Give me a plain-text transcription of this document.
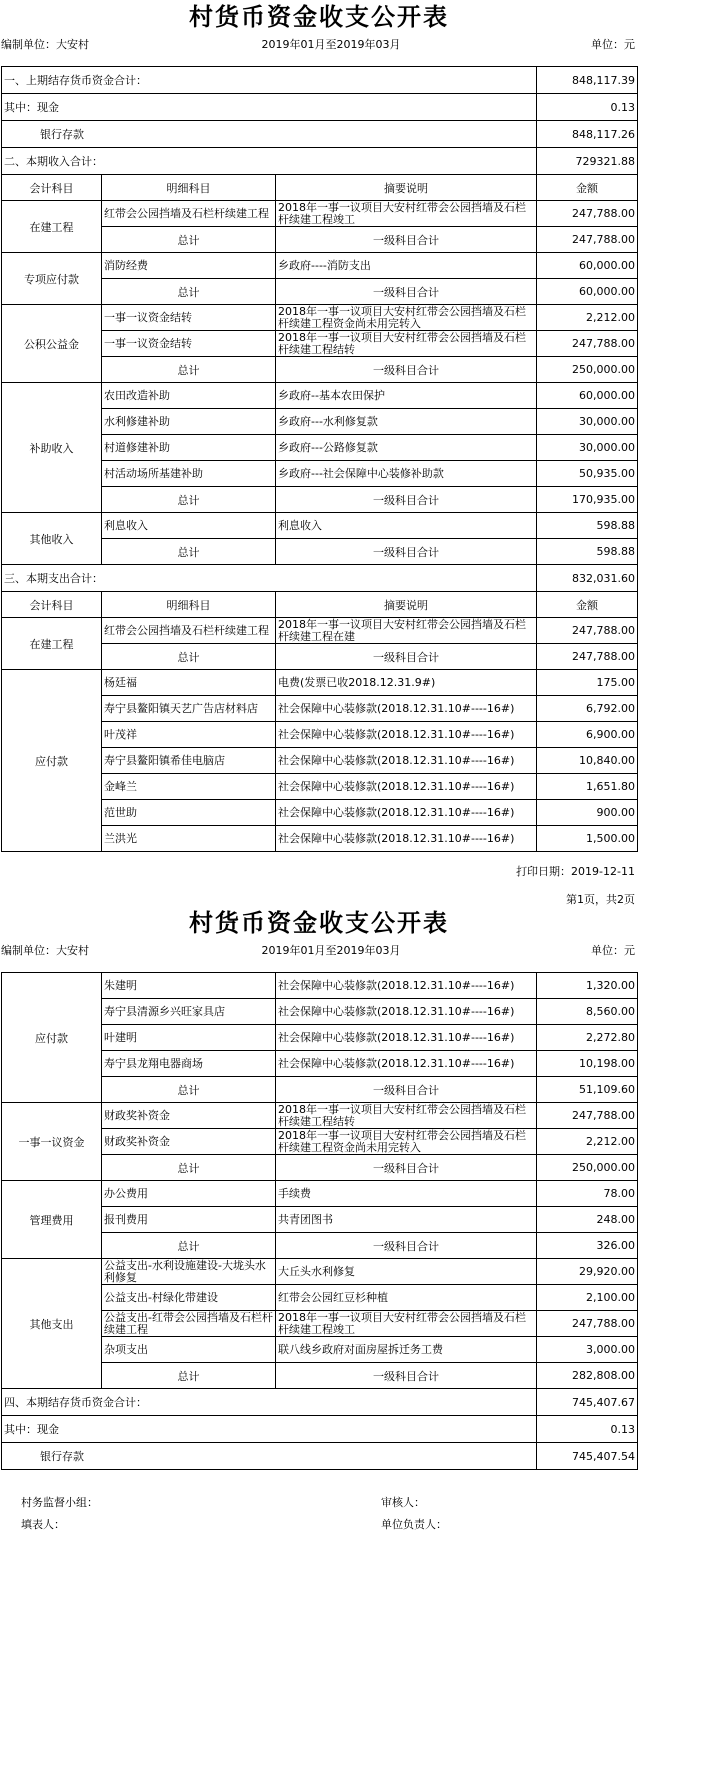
村货币资金收支公开表
编制单位：大安村	2019年01月至2019年03月	单位：元

一、上期结存货币资金合计：			848,117.39
其中：现金			0.13
银行存款			848,117.26
二、本期收入合计：			729321.88
会计科目	明细科目	摘要说明	金额
在建工程	红带会公园挡墙及石栏杆续建工程	2018年一事一议项目大安村红带会公园挡墙及石栏杆续建工程竣工	247,788.00
	总计	一级科目合计	247,788.00
专项应付款	消防经费	乡政府----消防支出	60,000.00
	总计	一级科目合计	60,000.00
公积公益金	一事一议资金结转	2018年一事一议项目大安村红带会公园挡墙及石栏杆续建工程资金尚未用完转入	2,212.00
	一事一议资金结转	2018年一事一议项目大安村红带会公园挡墙及石栏杆续建工程结转	247,788.00
	总计	一级科目合计	250,000.00
补助收入	农田改造补助	乡政府--基本农田保护	60,000.00
	水利修建补助	乡政府---水利修复款	30,000.00
	村道修建补助	乡政府---公路修复款	30,000.00
	村活动场所基建补助	乡政府---社会保障中心装修补助款	50,935.00
	总计	一级科目合计	170,935.00
其他收入	利息收入	利息收入	598.88
	总计	一级科目合计	598.88
三、本期支出合计：			832,031.60
会计科目	明细科目	摘要说明	金额
在建工程	红带会公园挡墙及石栏杆续建工程	2018年一事一议项目大安村红带会公园挡墙及石栏杆续建工程在建	247,788.00
	总计	一级科目合计	247,788.00
应付款	杨廷福	电费(发票已收2018.12.31.9#)	175.00
	寿宁县鳌阳镇天艺广告店材料店	社会保障中心装修款(2018.12.31.10#----16#)	6,792.00
	叶茂祥	社会保障中心装修款(2018.12.31.10#----16#)	6,900.00
	寿宁县鳌阳镇希佳电脑店	社会保障中心装修款(2018.12.31.10#----16#)	10,840.00
	金峰兰	社会保障中心装修款(2018.12.31.10#----16#)	1,651.80
	范世助	社会保障中心装修款(2018.12.31.10#----16#)	900.00
	兰洪光	社会保障中心装修款(2018.12.31.10#----16#)	1,500.00
打印日期：2019-12-11
第1页，共2页
村货币资金收支公开表
编制单位：大安村	2019年01月至2019年03月	单位：元

应付款	朱建明	社会保障中心装修款(2018.12.31.10#----16#)	1,320.00
	寿宁县清源乡兴旺家具店	社会保障中心装修款(2018.12.31.10#----16#)	8,560.00
	叶建明	社会保障中心装修款(2018.12.31.10#----16#)	2,272.80
	寿宁县龙翔电器商场	社会保障中心装修款(2018.12.31.10#----16#)	10,198.00
	总计	一级科目合计	51,109.60
一事一议资金	财政奖补资金	2018年一事一议项目大安村红带会公园挡墙及石栏杆续建工程结转	247,788.00
	财政奖补资金	2018年一事一议项目大安村红带会公园挡墙及石栏杆续建工程资金尚未用完转入	2,212.00
	总计	一级科目合计	250,000.00
管理费用	办公费用	手续费	78.00
	报刊费用	共青团图书	248.00
	总计	一级科目合计	326.00
其他支出	公益支出-水利设施建设-大垅头水利修复	大丘头水利修复	29,920.00
	公益支出-村绿化带建设	红带会公园红豆杉种植	2,100.00
	公益支出-红带会公园挡墙及石栏杆续建工程	2018年一事一议项目大安村红带会公园挡墙及石栏杆续建工程竣工	247,788.00
	杂项支出	联八线乡政府对面房屋拆迁务工费	3,000.00
	总计	一级科目合计	282,808.00
四、本期结存货币资金合计：			745,407.67
其中：现金			0.13
银行存款			745,407.54
村务监督小组：	审核人：
填表人：	单位负责人：
